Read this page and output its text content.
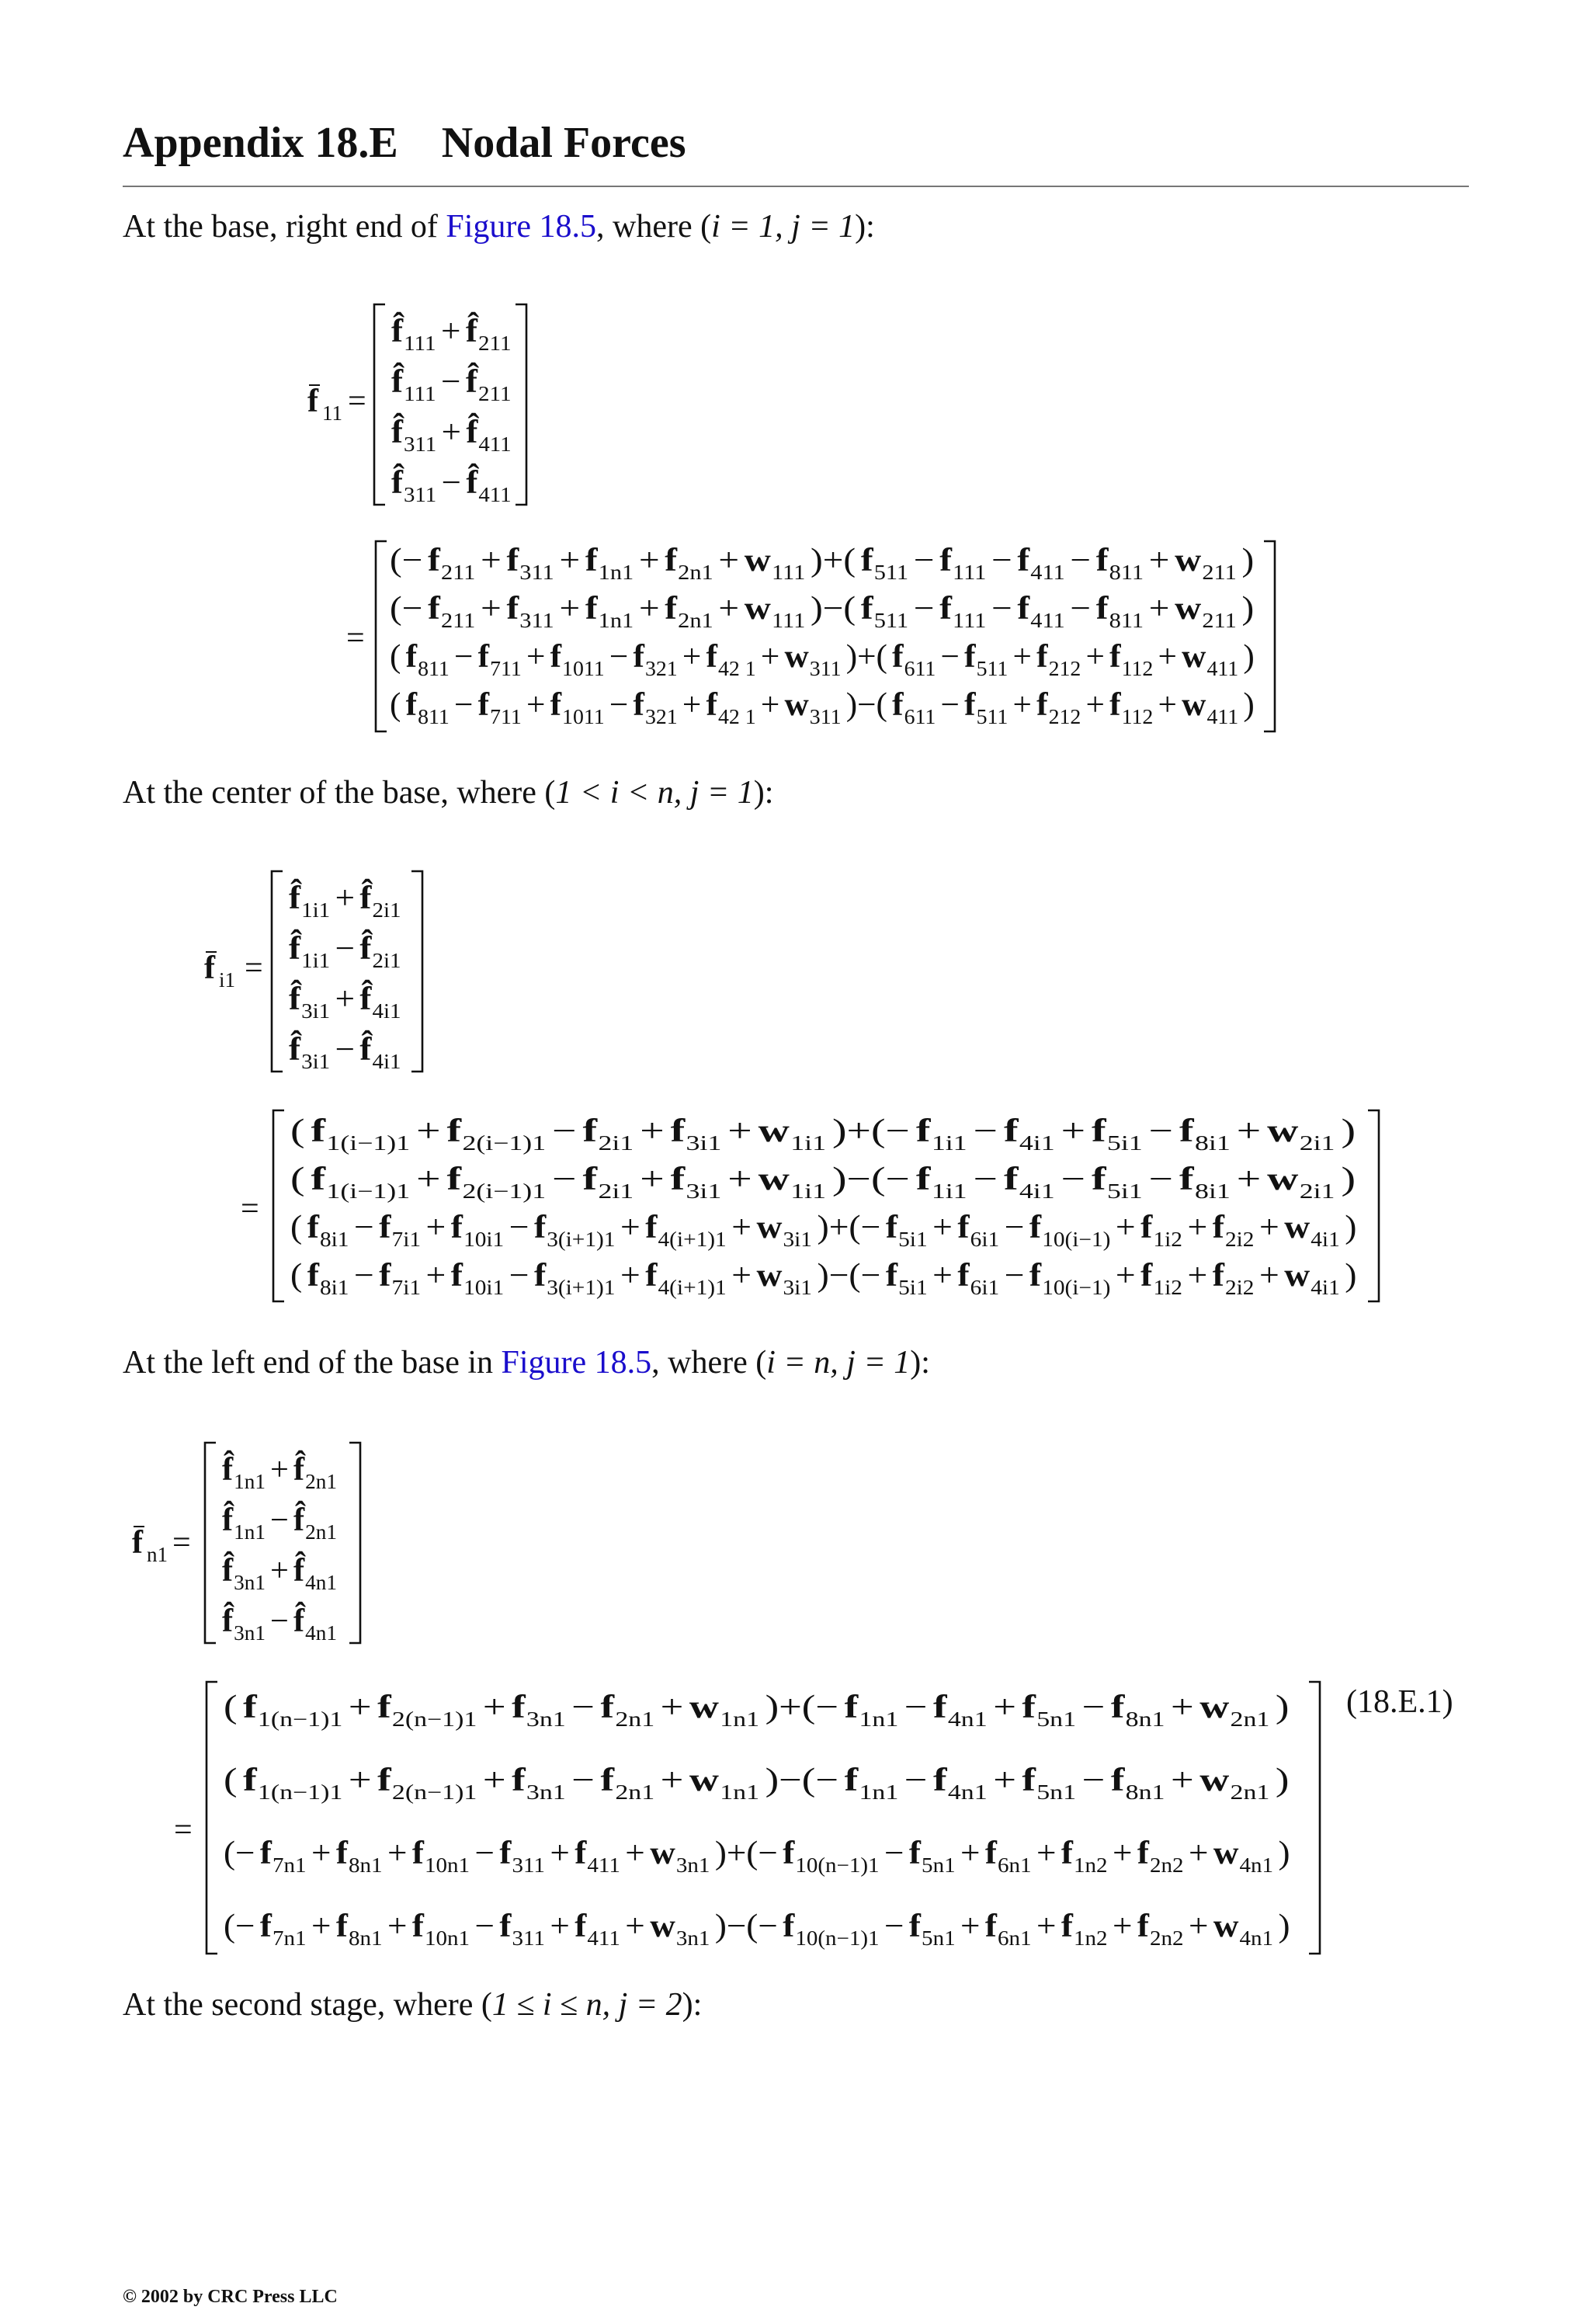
Appendix 18.E    Nodal Forces
At the base, right end of Figure 18.5, where (i = 1, j = 1):
At the center of the base, where (1 < i < n, j = 1):
At the left end of the base in Figure 18.5, where (i = n, j = 1):
At the second stage, where (1 ≤ i ≤ n, j = 2):
(18.E.1)
© 2002 by CRC Press LLC
f 11 =
f̂ 111 + f̂ 211
f̂ 111 − f̂ 211
f̂ 311 + f̂ 411
f̂ 311 − f̂ 411
=
(− f 211 + f 311 + f 1n1 + f 2n1 + w 111 )+( f 511 − f 111 − f 411 − f 811 + w 211 )
(− f 211 + f 311 + f 1n1 + f 2n1 + w 111 )−( f 511 − f 111 − f 411 − f 811 + w 211 )
( f 811 − f 711 + f 1011 − f 321 + f 42 1 + w 311 )+( f 611 − f 511 + f 212 + f 112 + w 411 )
( f 811 − f 711 + f 1011 − f 321 + f 42 1 + w 311 )−( f 611 − f 511 + f 212 + f 112 + w 411 )
f i1 =
f̂ 1i1 + f̂ 2i1
f̂ 1i1 − f̂ 2i1
f̂ 3i1 + f̂ 4i1
f̂ 3i1 − f̂ 4i1
=
( f 1(i−1)1 + f 2(i−1)1 − f 2i1 + f 3i1 + w 1i1 )+(− f 1i1 − f 4i1 + f 5i1 − f 8i1 + w 2i1 )
( f 1(i−1)1 + f 2(i−1)1 − f 2i1 + f 3i1 + w 1i1 )−(− f 1i1 − f 4i1 − f 5i1 − f 8i1 + w 2i1 )
( f 8i1 − f 7i1 + f 10i1 − f 3(i+1)1 + f 4(i+1)1 + w 3i1 )+(− f 5i1 + f 6i1 − f 10(i−1) + f 1i2 + f 2i2 + w 4i1 )
( f 8i1 − f 7i1 + f 10i1 − f 3(i+1)1 + f 4(i+1)1 + w 3i1 )−(− f 5i1 + f 6i1 − f 10(i−1) + f 1i2 + f 2i2 + w 4i1 )
f n1 =
f̂ 1n1 + f̂ 2n1
f̂ 1n1 − f̂ 2n1
f̂ 3n1 + f̂ 4n1
f̂ 3n1 − f̂ 4n1
=
( f 1(n−1)1 + f 2(n−1)1 + f 3n1 − f 2n1 + w 1n1 )+(− f 1n1 − f 4n1 + f 5n1 − f 8n1 + w 2n1 )
( f 1(n−1)1 + f 2(n−1)1 + f 3n1 − f 2n1 + w 1n1 )−(− f 1n1 − f 4n1 + f 5n1 − f 8n1 + w 2n1 )
(− f 7n1 + f 8n1 + f 10n1 − f 311 + f 411 + w 3n1 )+(− f 10(n−1)1 − f 5n1 + f 6n1 + f 1n2 + f 2n2 + w 4n1 )
(− f 7n1 + f 8n1 + f 10n1 − f 311 + f 411 + w 3n1 )−(− f 10(n−1)1 − f 5n1 + f 6n1 + f 1n2 + f 2n2 + w 4n1 )
